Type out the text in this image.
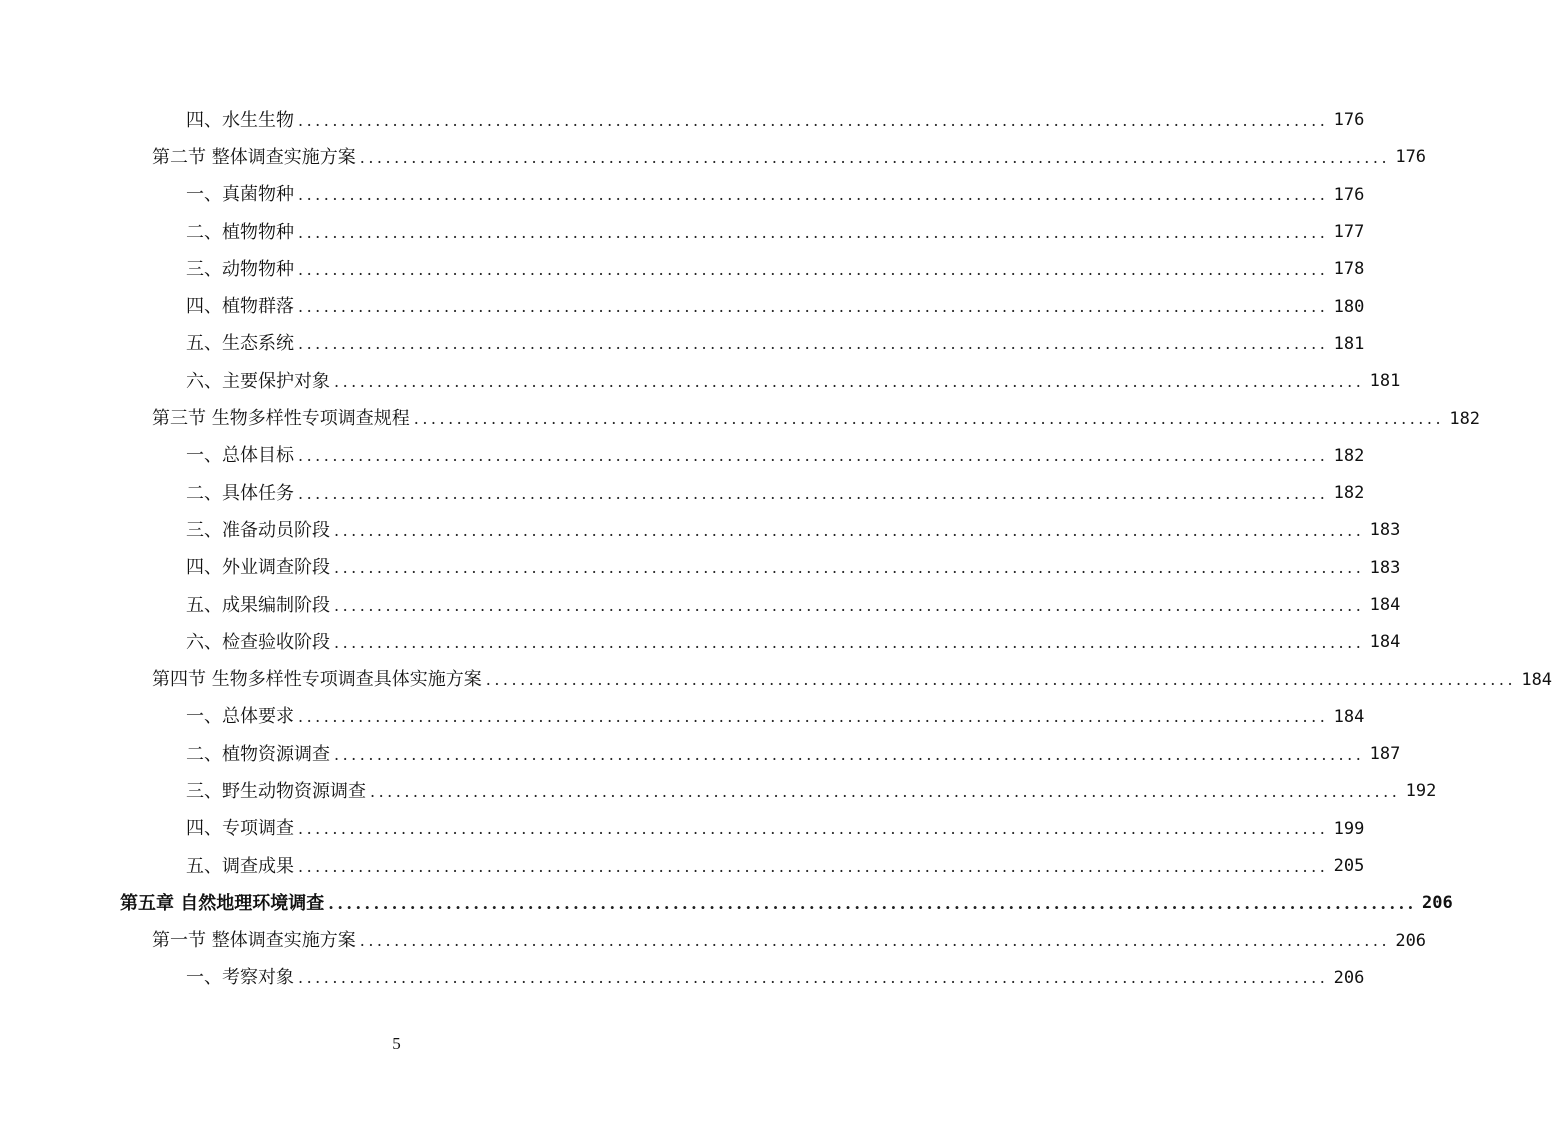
四、水生生物 ........................................................................................................................ 176
第二节 整体调查实施方案 ........................................................................................................................ 176
一、真菌物种 ........................................................................................................................ 176
二、植物物种 ........................................................................................................................ 177
三、动物物种 ........................................................................................................................ 178
四、植物群落 ........................................................................................................................ 180
五、生态系统 ........................................................................................................................ 181
六、主要保护对象 ........................................................................................................................ 181
第三节 生物多样性专项调查规程 ........................................................................................................................ 182
一、总体目标 ........................................................................................................................ 182
二、具体任务 ........................................................................................................................ 182
三、准备动员阶段 ........................................................................................................................ 183
四、外业调查阶段 ........................................................................................................................ 183
五、成果编制阶段 ........................................................................................................................ 184
六、检查验收阶段 ........................................................................................................................ 184
第四节 生物多样性专项调查具体实施方案 ........................................................................................................................ 184
一、总体要求 ........................................................................................................................ 184
二、植物资源调查 ........................................................................................................................ 187
三、野生动物资源调查 ........................................................................................................................ 192
四、专项调查 ........................................................................................................................ 199
五、调查成果 ........................................................................................................................ 205
第五章 自然地理环境调查 ........................................................................................................................ 206
第一节 整体调查实施方案 ........................................................................................................................ 206
一、考察对象 ........................................................................................................................ 206
5
